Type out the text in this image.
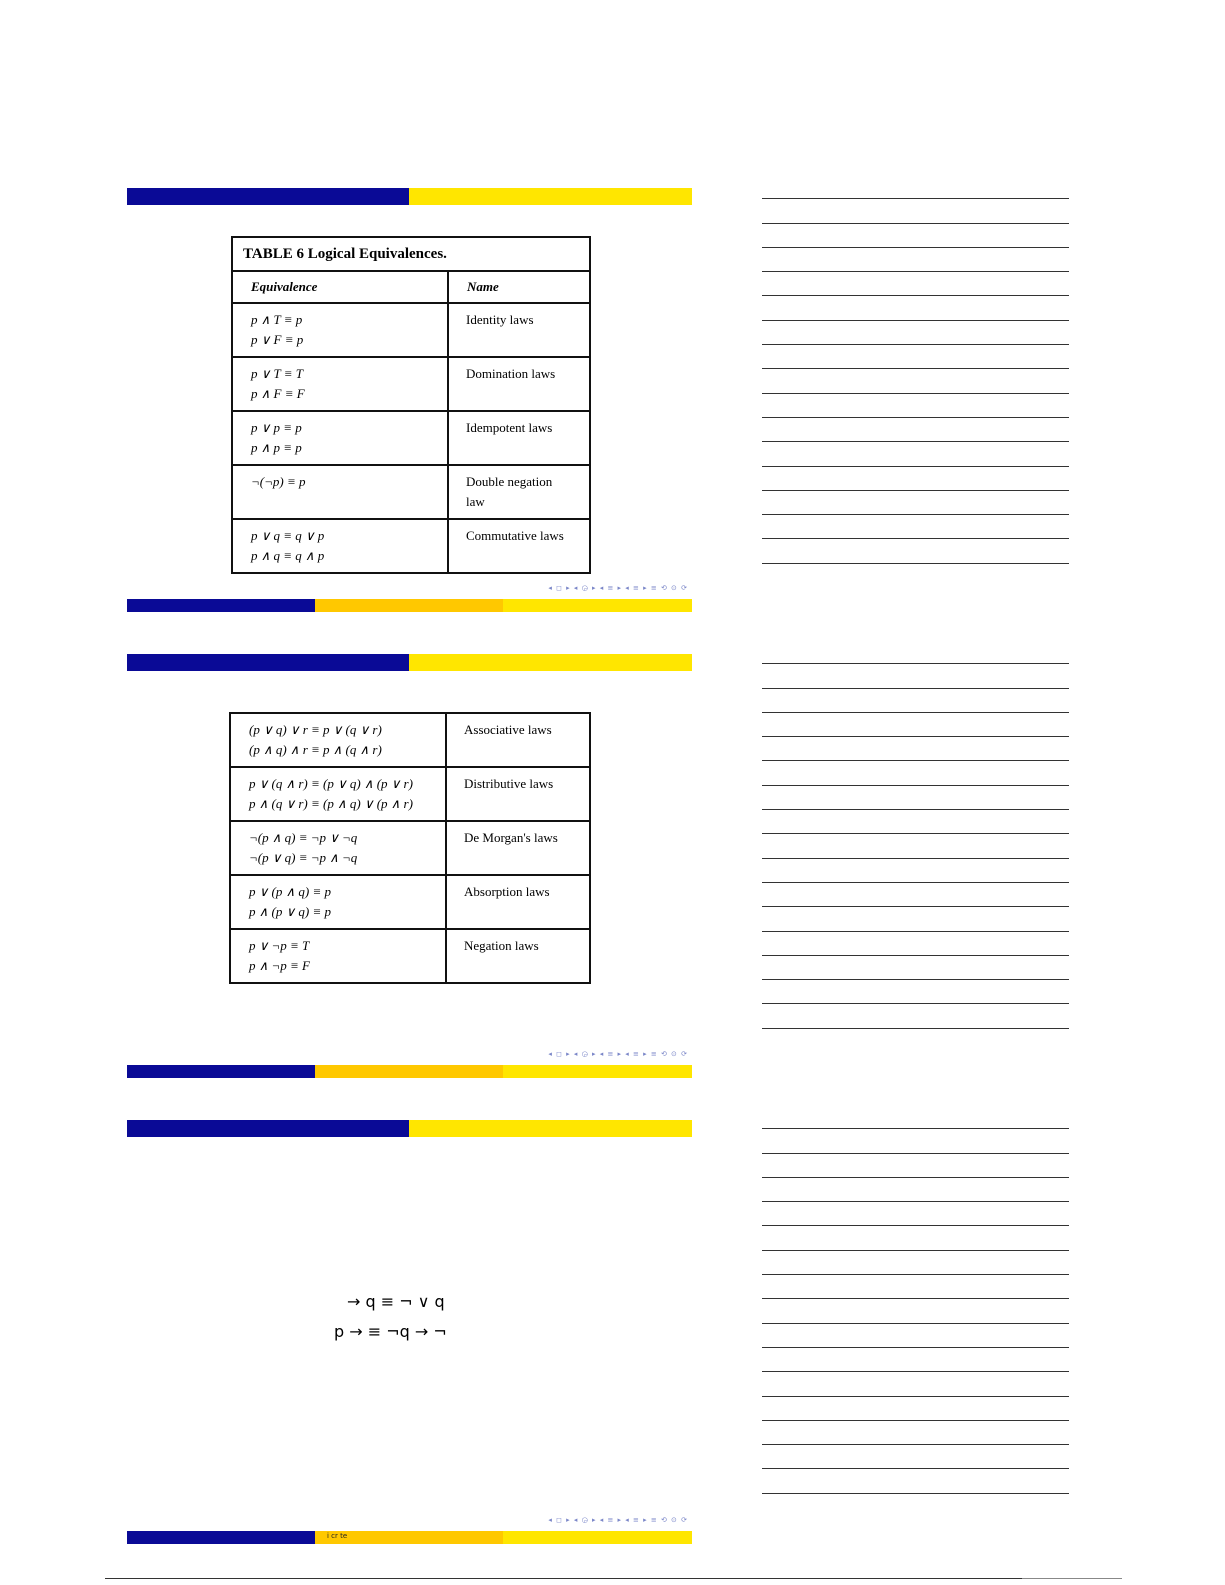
TABLE 6 Logical Equivalences.	
Equivalence	Name

p ∧ T ≡ p
p ∨ F ≡ p	Identity laws

p ∨ T ≡ T
p ∧ F ≡ F	Domination laws

p ∨ p ≡ p
p ∧ p ≡ p	Idempotent laws

¬(¬p) ≡ p	Double negation law

p ∨ q ≡ q ∨ p
p ∧ q ≡ q ∧ p	Commutative laws
◂ ◻ ▸ ◂ ◶ ▸ ◂ ≡ ▸ ◂ ≡ ▸ ≡ ⟲ ⊙ ⟳
(p ∨ q) ∨ r ≡ p ∨ (q ∨ r)
(p ∧ q) ∧ r ≡ p ∧ (q ∧ r)	Associative laws

p ∨ (q ∧ r) ≡ (p ∨ q) ∧ (p ∨ r)
p ∧ (q ∨ r) ≡ (p ∧ q) ∨ (p ∧ r)	Distributive laws

¬(p ∧ q) ≡ ¬p ∨ ¬q
¬(p ∨ q) ≡ ¬p ∧ ¬q	De Morgan's laws

p ∨ (p ∧ q) ≡ p
p ∧ (p ∨ q) ≡ p	Absorption laws

p ∨ ¬p ≡ T
p ∧ ¬p ≡ F	Negation laws
◂ ◻ ▸ ◂ ◶ ▸ ◂ ≡ ▸ ◂ ≡ ▸ ≡ ⟲ ⊙ ⟳
→ q ≡ ¬ ∨ q
p → ≡ ¬q → ¬
◂ ◻ ▸ ◂ ◶ ▸ ◂ ≡ ▸ ◂ ≡ ▸ ≡ ⟲ ⊙ ⟳
i cr te
